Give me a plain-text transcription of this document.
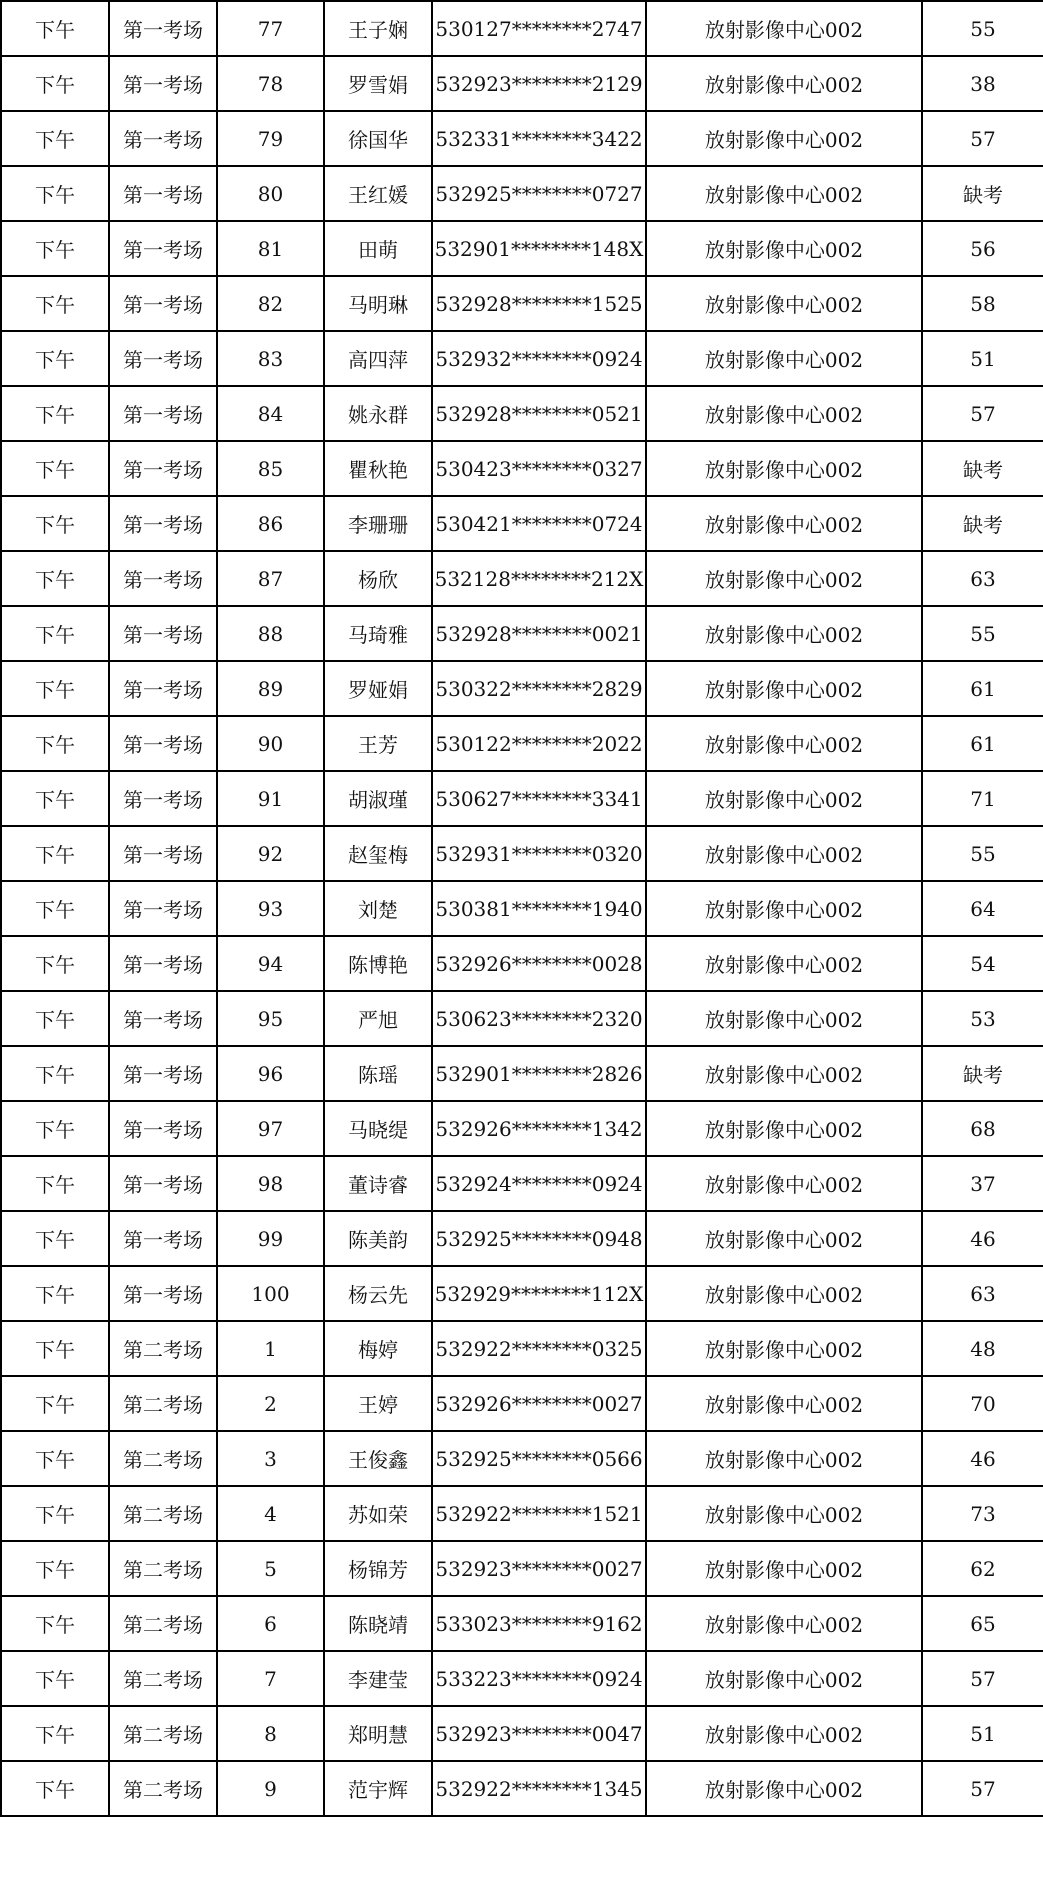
下午	第一考场	77	王子娴	530127********2747	放射影像中心002	55
下午	第一考场	78	罗雪娟	532923********2129	放射影像中心002	38
下午	第一考场	79	徐国华	532331********3422	放射影像中心002	57
下午	第一考场	80	王红媛	532925********0727	放射影像中心002	缺考
下午	第一考场	81	田萌	532901********148X	放射影像中心002	56
下午	第一考场	82	马明琳	532928********1525	放射影像中心002	58
下午	第一考场	83	高四萍	532932********0924	放射影像中心002	51
下午	第一考场	84	姚永群	532928********0521	放射影像中心002	57
下午	第一考场	85	瞿秋艳	530423********0327	放射影像中心002	缺考
下午	第一考场	86	李珊珊	530421********0724	放射影像中心002	缺考
下午	第一考场	87	杨欣	532128********212X	放射影像中心002	63
下午	第一考场	88	马琦雅	532928********0021	放射影像中心002	55
下午	第一考场	89	罗娅娟	530322********2829	放射影像中心002	61
下午	第一考场	90	王芳	530122********2022	放射影像中心002	61
下午	第一考场	91	胡淑瑾	530627********3341	放射影像中心002	71
下午	第一考场	92	赵玺梅	532931********0320	放射影像中心002	55
下午	第一考场	93	刘楚	530381********1940	放射影像中心002	64
下午	第一考场	94	陈博艳	532926********0028	放射影像中心002	54
下午	第一考场	95	严旭	530623********2320	放射影像中心002	53
下午	第一考场	96	陈瑶	532901********2826	放射影像中心002	缺考
下午	第一考场	97	马晓缇	532926********1342	放射影像中心002	68
下午	第一考场	98	董诗睿	532924********0924	放射影像中心002	37
下午	第一考场	99	陈美韵	532925********0948	放射影像中心002	46
下午	第一考场	100	杨云先	532929********112X	放射影像中心002	63
下午	第二考场	1	梅婷	532922********0325	放射影像中心002	48
下午	第二考场	2	王婷	532926********0027	放射影像中心002	70
下午	第二考场	3	王俊鑫	532925********0566	放射影像中心002	46
下午	第二考场	4	苏如荣	532922********1521	放射影像中心002	73
下午	第二考场	5	杨锦芳	532923********0027	放射影像中心002	62
下午	第二考场	6	陈晓靖	533023********9162	放射影像中心002	65
下午	第二考场	7	李建莹	533223********0924	放射影像中心002	57
下午	第二考场	8	郑明慧	532923********0047	放射影像中心002	51
下午	第二考场	9	范宇辉	532922********1345	放射影像中心002	57
